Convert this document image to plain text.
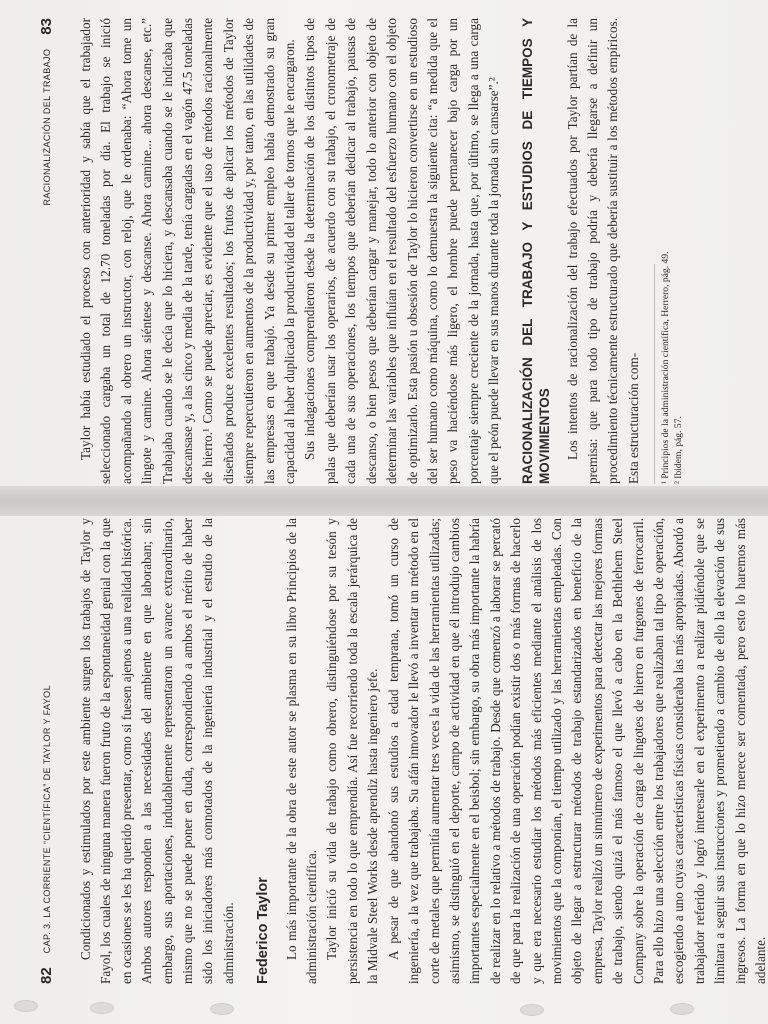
82
CAP. 3. LA CORRIENTE “CIENTÍFICA” DE TAYLOR Y FAYOL	Condicionados y estimulados por este ambiente surgen los trabajos de Taylor y Fayol, los cuales de ninguna manera fueron fruto de la espontaneidad genial con la que en ocasiones se les ha querido presentar, como si fuesen ajenos a una realidad histórica. Ambos autores responden a las necesidades del ambiente en que laboraban; sin embargo, sus aportaciones, indudablemente representaron un avance extraordinario, mismo que no se puede poner en duda, correspondiendo a ambos el mérito de haber sido los iniciadores más connotados de la ingeniería industrial y el estudio de la administración. Federico Taylor Lo más importante de la obra de este autor se plasma en su libro Principios de la administración científica. Taylor inició su vida de trabajo como obrero, distinguiéndose por su tesón y persistencia en todo lo que emprendía. Así fue recorriendo toda la escala jerárquica de la Midvale Steel Works desde aprendiz hasta ingeniero jefe. A pesar de que abandonó sus estudios a edad temprana, tomó un curso de ingeniería, a la vez que trabajaba. Su afán innovador le llevó a inventar un método en el corte de metales que permitía aumentar tres veces la vida de las herramientas utilizadas; asimismo, se distinguió en el deporte, campo de actividad en que él introdujo cambios importantes especialmente en el beisbol; sin embargo, su obra más importante la habría de realizar en lo relativo a métodos de trabajo. Desde que comenzó a laborar se percató de que para la realización de una operación podían existir dos o más formas de hacerlo y que era necesario estudiar los métodos más eficientes mediante el análisis de los movimientos que la componían, el tiempo utilizado y las herramientas empleadas. Con objeto de llegar a estructurar métodos de trabajo estandarizados en beneficio de la empresa, Taylor realizó un sinnúmero de experimentos para detectar las mejores formas de trabajo, siendo quizá el más famoso el que llevó a cabo en la Bethlehem Steel Company sobre la operación de carga de lingotes de hierro en furgones de ferrocarril. Para ello hizo una selección entre los trabajadores que realizaban tal tipo de operación, escogiendo a uno cuyas características físicas consideraba las más apropiadas. Abordó a trabajador referido y logró interesarle en el experimento a realizar pidiéndole que se limitara a seguir sus instrucciones y prometiendo a cambio de ello la elevación de sus ingresos. La forma en que lo hizo merece ser comentada, pero esto lo haremos más adelante.

RACIONALIZACIÓN DEL TRABAJO
83 Taylor había estudiado el proceso con anterioridad y sabía que el trabajador seleccionado cargaba un total de 12.70 toneladas por día. El trabajo se inició acompañando al obrero un instructor, con reloj, que le ordenaba: “Ahora tome un lingote y camine. Ahora siéntese y descanse. Ahora camine... ahora descanse, etc.” Trabajaba cuando se le decía que lo hiciera, y descansaba cuando se le indicaba que descansase y, a las cinco y media de la tarde, tenía cargadas en el vagón 47.5 toneladas de hierro.¹ Como se puede apreciar, es evidente que el uso de métodos racionalmente diseñados produce excelentes resultados; los frutos de aplicar los métodos de Taylor siempre repercutieron en aumentos de la productividad y, por tanto, en las utilidades de las empresas en que trabajó. Ya desde su primer empleo había demostrado su gran capacidad al haber duplicado la productividad del taller de tornos que le encargaron. Sus indagaciones comprendieron desde la determinación de los distintos tipos de palas que deberían usar los operarios, de acuerdo con su trabajo, el cronometraje de cada una de sus operaciones, los tiempos que deberían dedicar al trabajo, pausas de descanso, o bien pesos que deberían cargar y manejar, todo lo anterior con objeto de determinar las variables que influían en el resultado del esfuerzo humano con el objeto de optimizarlo. Esta pasión u obsesión de Taylor lo hicieron convertirse en un estudioso del ser humano como máquina, como lo demuestra la siguiente cita: “a medida que el peso va haciéndose más ligero, el hombre puede permanecer bajo carga por un porcentaje siempre creciente de la jornada, hasta que, por último, se llega a una carga que el peón puede llevar en sus manos durante toda la jornada sin cansarse”.² RACIONALIZACIÓN DEL TRABAJO Y ESTUDIOS DE TIEMPOS Y MOVIMIENTOS Los intentos de racionalización del trabajo efectuados por Taylor partían de la premisa: que para todo tipo de trabajo podría y debería llegarse a definir un procedimiento técnicamente estructurado que debería sustituir a los métodos empíricos. Esta estructuración com-	¹ Principios de la administración científica, Herrero, pág. 49. ² Ibidem, pág. 57.
